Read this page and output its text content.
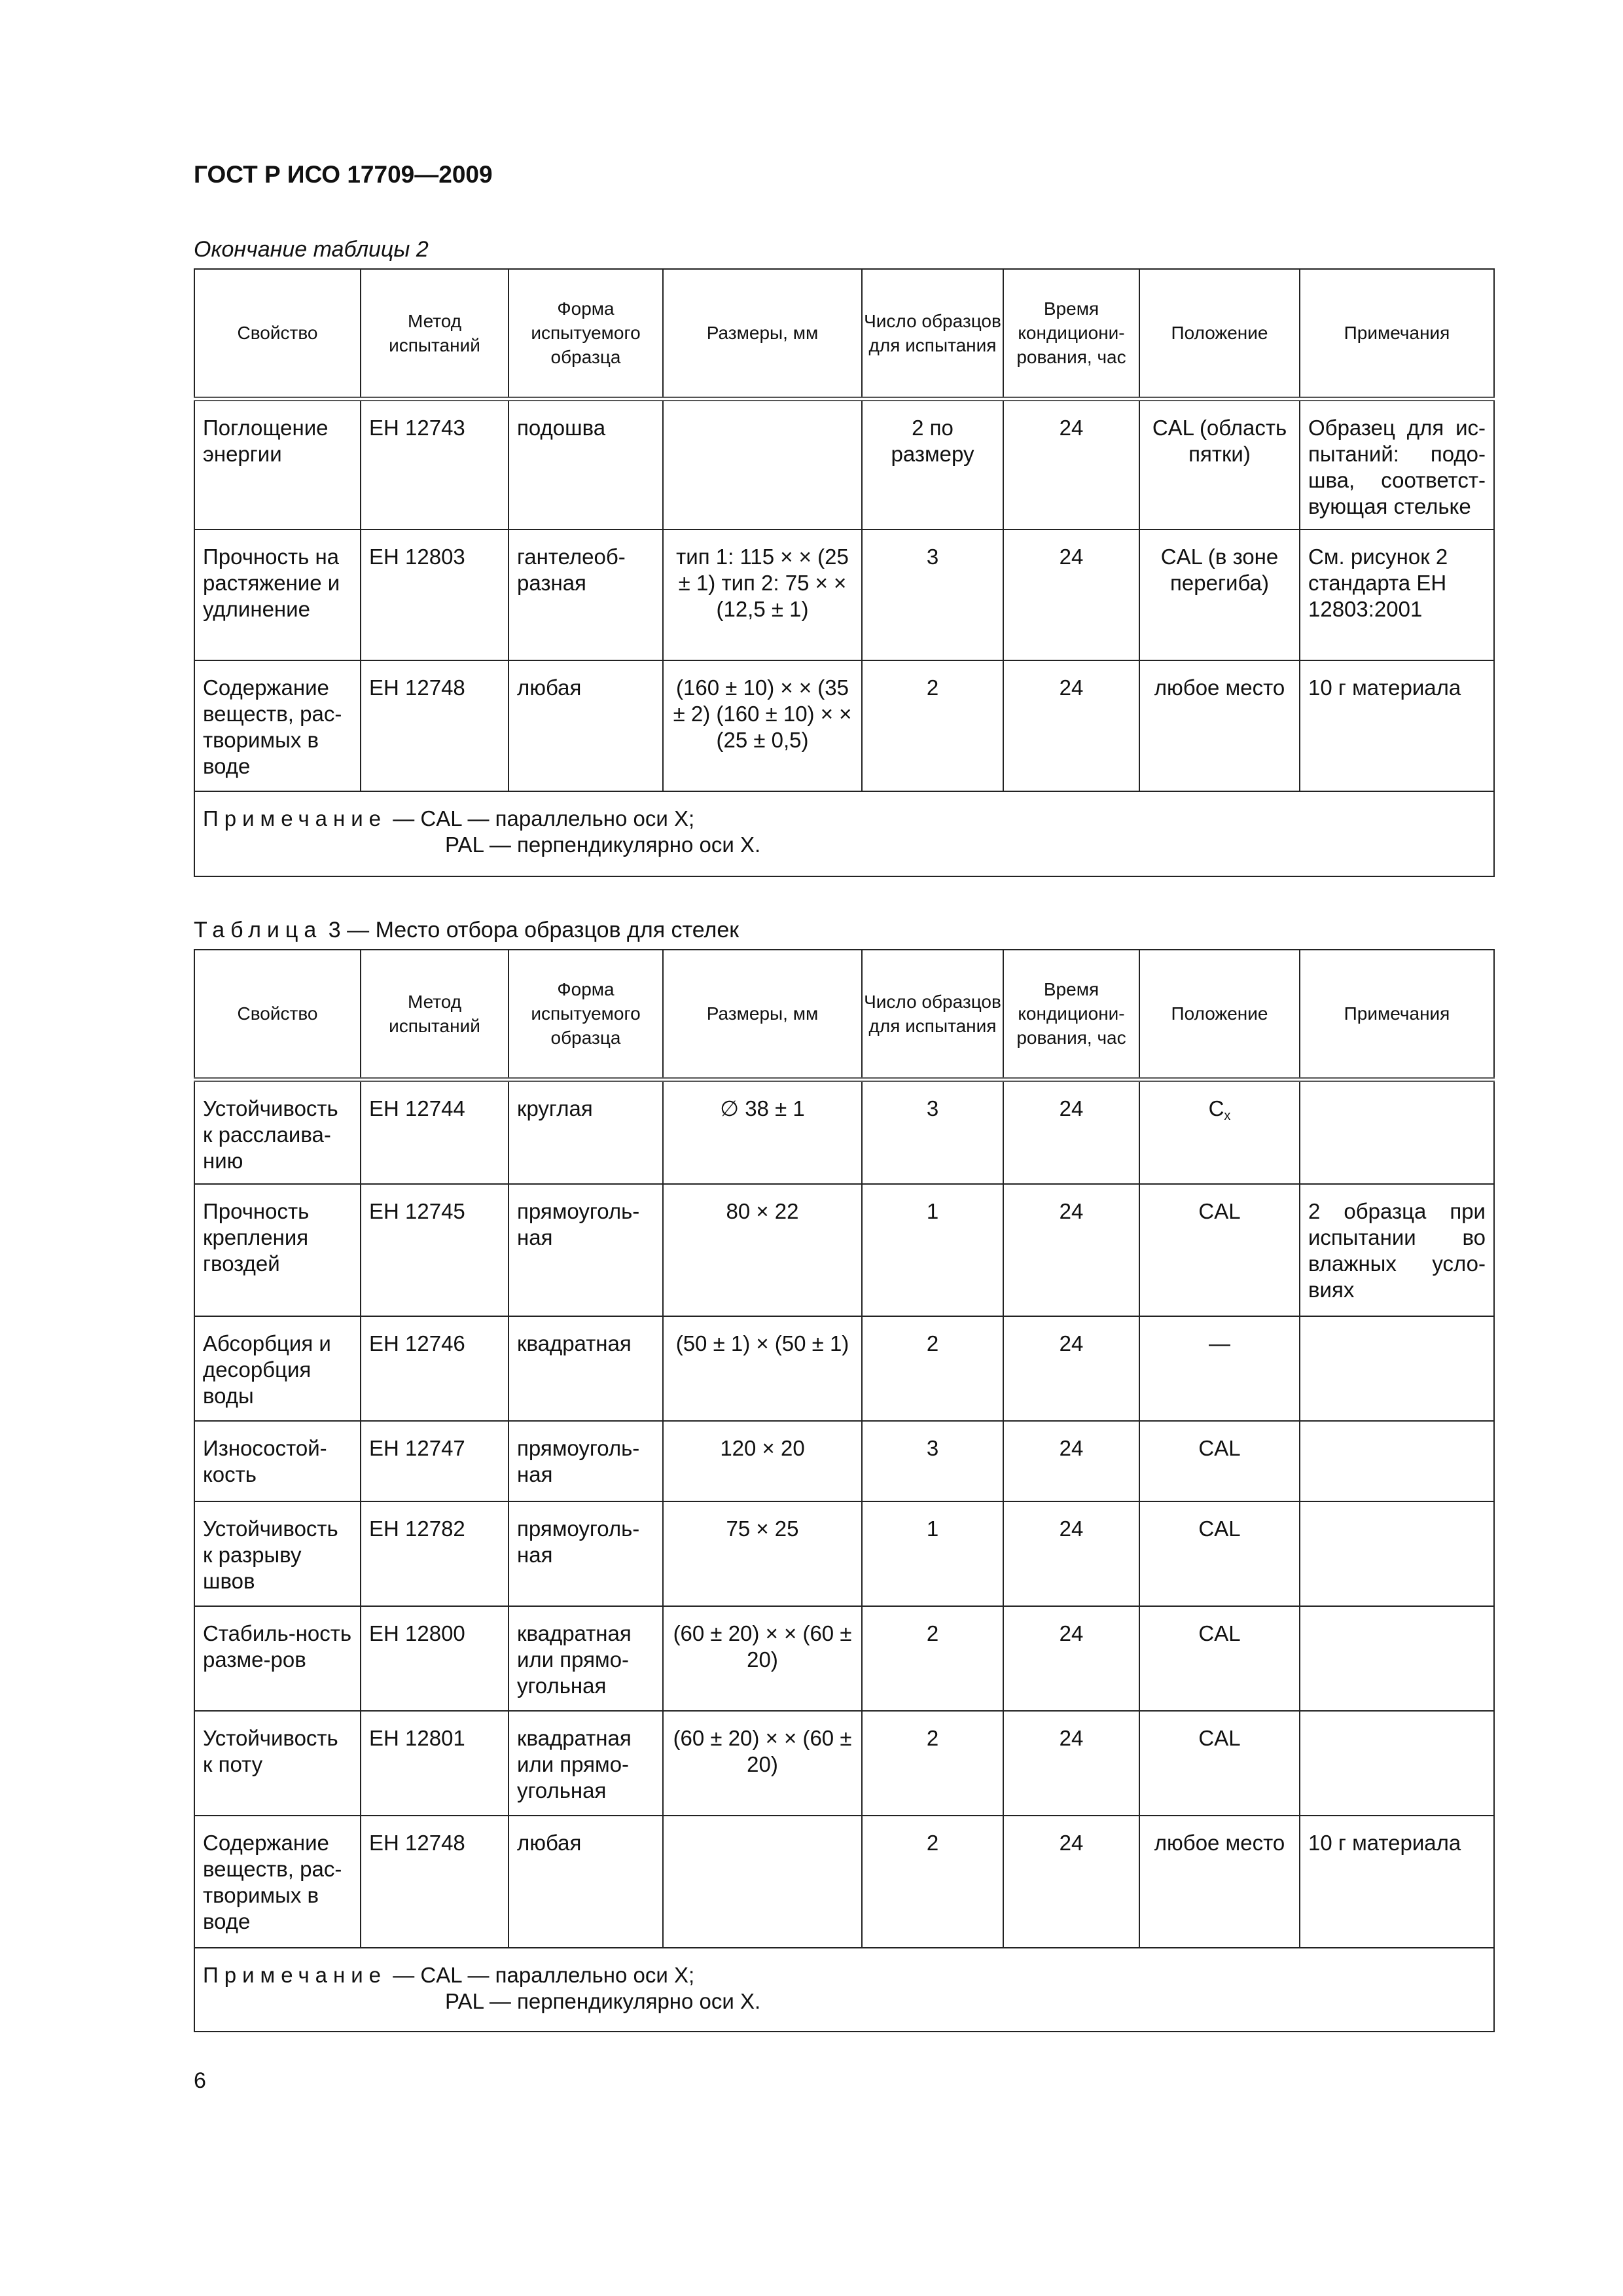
ГОСТ Р ИСО 17709—2009
Окончание таблицы 2
Свойство	Метод испытаний	Форма испытуемого образца	Размеры, мм	Число образцов для испытания	Время кондициони-рования, час	Положение	Примечания
Поглощение энергии	ЕН 12743	подошва		2 по размеру	24	CAL (область пятки)	Образец для ис-пытаний: подо-шва, соответст-вующая стельке
Прочность на растяжение и удлинение	ЕН 12803	гантелеоб-разная	тип 1: 115 × × (25 ± 1) тип 2: 75 × × (12,5 ± 1)	3	24	CAL (в зоне перегиба)	См. рисунок 2 стандарта ЕН 12803:2001
Содержание веществ, рас-творимых в воде	ЕН 12748	любая	(160 ± 10) × × (35 ± 2) (160 ± 10) × × (25 ± 0,5)	2	24	любое место	10 г материала

Примечание — CAL — параллельно оси X;
PAL — перпендикулярно оси X.							
Таблица 3 — Место отбора образцов для стелек
Свойство	Метод испытаний	Форма испытуемого образца	Размеры, мм	Число образцов для испытания	Время кондициони-рования, час	Положение	Примечания
Устойчивость к расслаива-нию	ЕН 12744	круглая	∅ 38 ± 1	3	24	$C_x$	
Прочность крепления гвоздей	ЕН 12745	прямоуголь-ная	80 × 22	1	24	CAL	2 образца при испытании во влажных усло-виях
Абсорбция и десорбция воды	ЕН 12746	квадратная	(50 ± 1) × (50 ± 1)	2	24	—	
Износостой-кость	ЕН 12747	прямоуголь-ная	120 × 20	3	24	CAL	
Устойчивость к разрыву швов	ЕН 12782	прямоуголь-ная	75 × 25	1	24	CAL	
Стабиль-ность разме-ров	ЕН 12800	квадратная или прямо-угольная	(60 ± 20) × × (60 ± 20)	2	24	CAL	
Устойчивость к поту	ЕН 12801	квадратная или прямо-угольная	(60 ± 20) × × (60 ± 20)	2	24	CAL	
Содержание веществ, рас-творимых в воде	ЕН 12748	любая		2	24	любое место	10 г материала

Примечание — CAL — параллельно оси X;
PAL — перпендикулярно оси X.							
6
